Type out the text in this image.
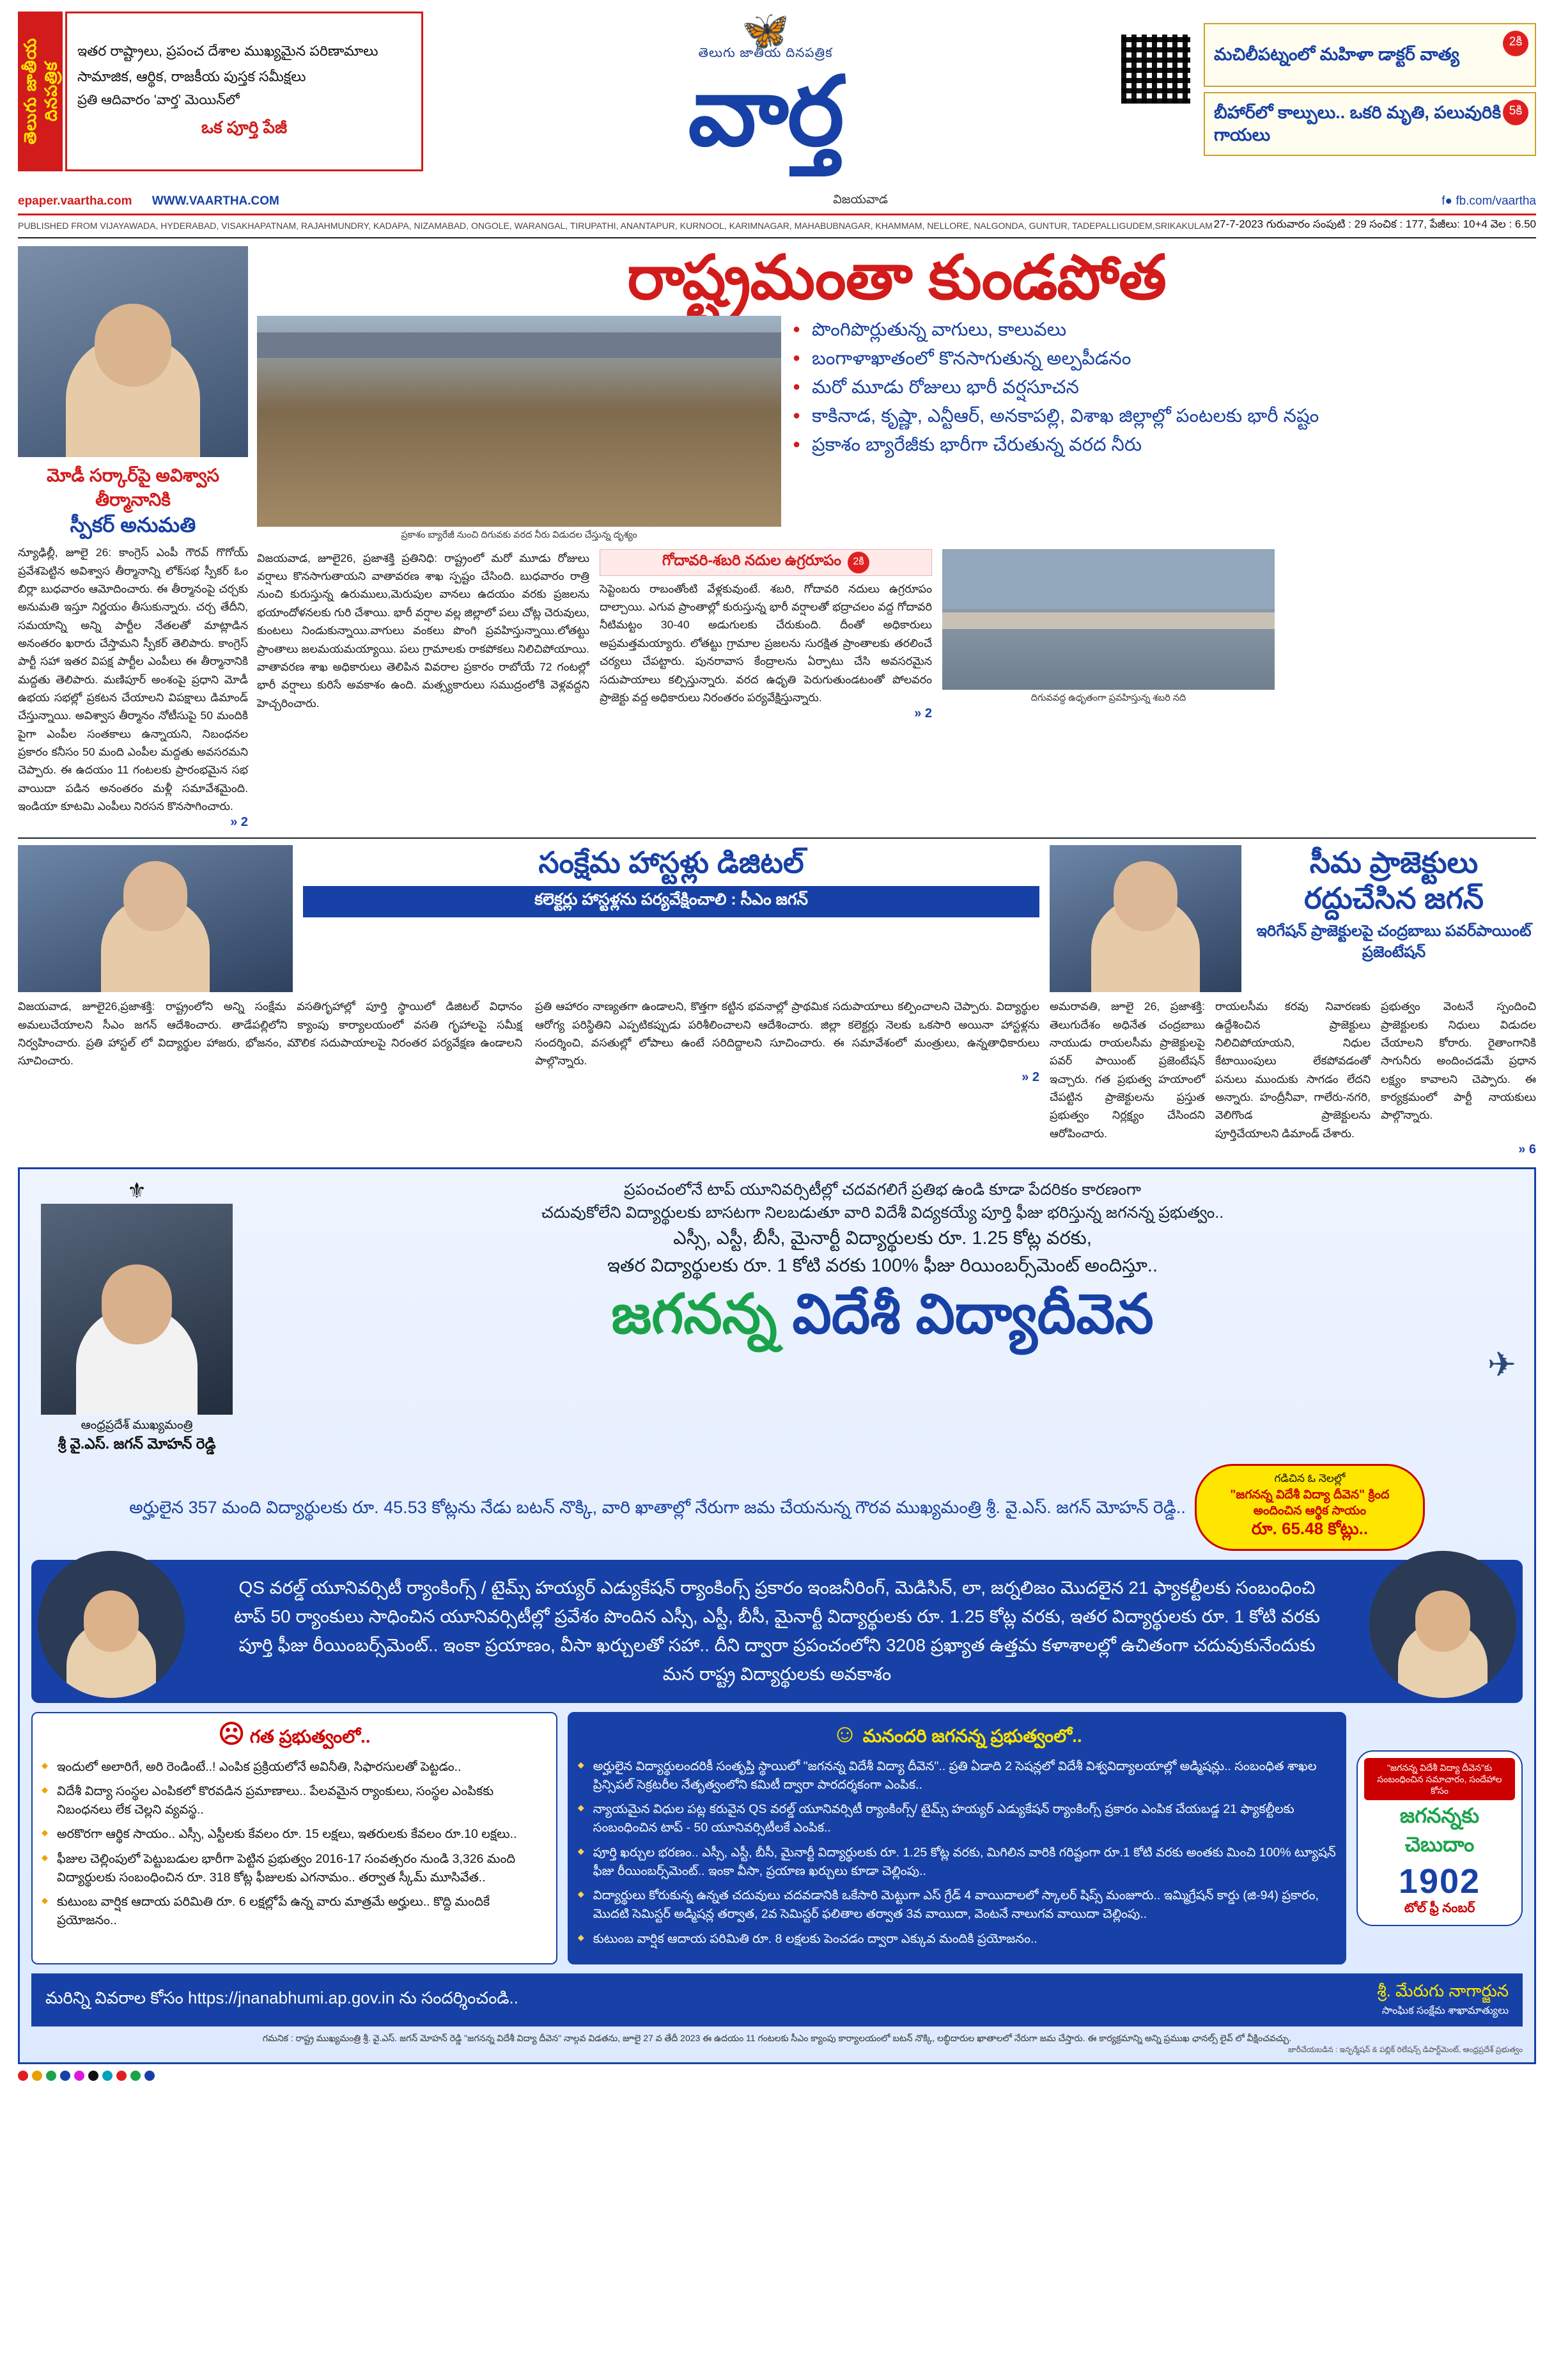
తెలుగు జాతీయ దినపత్రిక
ఇతర రాష్ట్రాలు, ప్రపంచ దేశాల ముఖ్యమైన పరిణామాలు
సామాజిక, ఆర్థిక, రాజకీయ పుస్తక సమీక్షలు
ప్రతి ఆదివారం 'వార్త' మెయిన్‌లో
ఒక పూర్తి పేజీ
🦋
తెలుగు జాతీయ దినపత్రిక
వార్త
2కి
మచిలీపట్నంలో మహిళా డాక్టర్ వాత్య
5కి
బీహార్‌లో కాల్పులు.. ఒకరి మృతి, పలువురికి గాయలు
epaper.vaartha.com WWW.VAARTHA.COM	విజయవాడ	f● fb.com/vaartha
PUBLISHED FROM VIJAYAWADA, HYDERABAD, VISAKHAPATNAM, RAJAHMUNDRY, KADAPA, NIZAMABAD, ONGOLE, WARANGAL, TIRUPATHI, ANANTAPUR, KURNOOL, KARIMNAGAR, MAHABUBNAGAR, KHAMMAM, NELLORE, NALGONDA, GUNTUR, TADEPALLIGUDEM,SRIKAKULAM 27-7-2023 గురువారం సంపుటి : 29 సంచిక : 177, పేజీలు: 10+4 వెల : 6.50
మోడీ సర్కార్‌పై అవిశ్వాస తీర్మానానికి
స్పీకర్ అనుమతి
న్యూఢిల్లీ, జూలై 26: కాంగ్రెస్ ఎంపీ గౌరవ్ గొగోయ్ ప్రవేశపెట్టిన అవిశ్వాస తీర్మానాన్ని లోక్‌సభ స్పీకర్ ఓం బిర్లా బుధవారం ఆమోదించారు. ఈ తీర్మానంపై చర్చకు అనుమతి ఇస్తూ నిర్ణయం తీసుకున్నారు. చర్చ తేదీని, సమయాన్ని అన్ని పార్టీల నేతలతో మాట్లాడిన అనంతరం ఖరారు చేస్తామని స్పీకర్ తెలిపారు. కాంగ్రెస్ పార్టీ సహా ఇతర విపక్ష పార్టీల ఎంపీలు ఈ తీర్మానానికి మద్దతు తెలిపారు. మణిపూర్ అంశంపై ప్రధాని మోడీ ఉభయ సభల్లో ప్రకటన చేయాలని విపక్షాలు డిమాండ్ చేస్తున్నాయి. అవిశ్వాస తీర్మానం నోటీసుపై 50 మందికి పైగా ఎంపీల సంతకాలు ఉన్నాయని, నిబంధనల ప్రకారం కనీసం 50 మంది ఎంపీల మద్దతు అవసరమని చెప్పారు. ఈ ఉదయం 11 గంటలకు ప్రారంభమైన సభ వాయిదా పడిన అనంతరం మళ్లీ సమావేశమైంది. ఇండియా కూటమి ఎంపీలు నిరసన కొనసాగించారు.
» 2
రాష్ట్రమంతా కుండపోత
ప్రకాశం బ్యారేజీ నుంచి దిగువకు వరద నీరు విడుదల చేస్తున్న దృశ్యం
● పొంగిపొర్లుతున్న వాగులు, కాలువలు
● బంగాళాఖాతంలో కొనసాగుతున్న అల్పపీడనం
● మరో మూడు రోజులు భారీ వర్షసూచన
● కాకినాడ, కృష్ణా, ఎన్టీఆర్, అనకాపల్లి, విశాఖ జిల్లాల్లో పంటలకు భారీ నష్టం
● ప్రకాశం బ్యారేజీకు భారీగా చేరుతున్న వరద నీరు
విజయవాడ, జూలై26, ప్రజాశక్తి ప్రతినిధి: రాష్ట్రంలో మరో మూడు రోజులు వర్షాలు కొనసాగుతాయని వాతావరణ శాఖ స్పష్టం చేసింది. బుధవారం రాత్రి నుంచి కురుస్తున్న ఉరుములు,మెరుపుల వానలు ఉదయం వరకు ప్రజలను భయాందోళనలకు గురి చేశాయి. భారీ వర్షాల వల్ల జిల్లాలో పలు చోట్ల చెరువులు, కుంటలు నిండుకున్నాయి.వాగులు వంకలు పొంగి ప్రవహిస్తున్నాయి.లోతట్టు ప్రాంతాలు జలమయమయ్యాయి. పలు గ్రామాలకు రాకపోకలు నిలిచిపోయాయి. వాతావరణ శాఖ అధికారులు తెలిపిన వివరాల ప్రకారం రాబోయే 72 గంటల్లో భారీ వర్షాలు కురిసే అవకాశం ఉంది. మత్స్యకారులు సముద్రంలోకి వెళ్లవద్దని హెచ్చరించారు.
గోదావరి-శబరి నదుల ఉగ్రరూపం	2కి
సెప్టెంబరు రాబంతోంటి వేళ్లకువుంటే. శబరి, గోదావరి నదులు ఉగ్రరూపం దాల్చాయి. ఎగువ ప్రాంతాల్లో కురుస్తున్న భారీ వర్షాలతో భద్రాచలం వద్ద గోదావరి నీటిమట్టం 30-40 అడుగులకు చేరుకుంది. దీంతో అధికారులు అప్రమత్తమయ్యారు. లోతట్టు గ్రామాల ప్రజలను సురక్షిత ప్రాంతాలకు తరలించే చర్యలు చేపట్టారు. పునరావాస కేంద్రాలను ఏర్పాటు చేసి అవసరమైన సదుపాయాలు కల్పిస్తున్నారు. వరద ఉధృతి పెరుగుతుండటంతో పోలవరం ప్రాజెక్టు వద్ద అధికారులు నిరంతరం పర్యవేక్షిస్తున్నారు.
» 2
దిగువవద్ద ఉధృతంగా ప్రవహిస్తున్న శబరి నది
సంక్షేమ హాస్టళ్లు డిజిటల్
కలెక్టర్లు హాస్టళ్లను పర్యవేక్షించాలి : సీఎం జగన్
విజయవాడ, జూలై26,ప్రజాశక్తి: రాష్ట్రంలోని అన్ని సంక్షేమ వసతిగృహాల్లో పూర్తి స్థాయిలో డిజిటల్ విధానం అమలుచేయాలని సీఎం జగన్ ఆదేశించారు. తాడేపల్లిలోని క్యాంపు కార్యాలయంలో వసతి గృహాలపై సమీక్ష నిర్వహించారు. ప్రతి హాస్టల్ లో విద్యార్థుల హాజరు, భోజనం, మౌలిక సదుపాయాలపై నిరంతర పర్యవేక్షణ ఉండాలని సూచించారు.
ప్రతి ఆహారం నాణ్యతగా ఉండాలని, కొత్తగా కట్టిన భవనాల్లో ప్రాథమిక సదుపాయాలు కల్పించాలని చెప్పారు. విద్యార్థుల ఆరోగ్య పరిస్థితిని ఎప్పటికప్పుడు పరిశీలించాలని ఆదేశించారు. జిల్లా కలెక్టర్లు నెలకు ఒకసారి అయినా హాస్టళ్లను సందర్శించి, వసతుల్లో లోపాలు ఉంటే సరిదిద్దాలని సూచించారు. ఈ సమావేశంలో మంత్రులు, ఉన్నతాధికారులు పాల్గొన్నారు.
» 2
సీమ ప్రాజెక్టులు రద్దుచేసిన జగన్
ఇరిగేషన్ ప్రాజెక్టులపై చంద్రబాబు పవర్‌పాయింట్ ప్రజెంటేషన్
అమరావతి, జూలై 26, ప్రజాశక్తి: తెలుగుదేశం అధినేత చంద్రబాబు నాయుడు రాయలసీమ ప్రాజెక్టులపై పవర్ పాయింట్ ప్రజెంటేషన్ ఇచ్చారు. గత ప్రభుత్వ హయాంలో చేపట్టిన ప్రాజెక్టులను ప్రస్తుత ప్రభుత్వం నిర్లక్ష్యం చేసిందని ఆరోపించారు.
రాయలసీమ కరవు నివారణకు ఉద్దేశించిన ప్రాజెక్టులు నిలిచిపోయాయని, నిధుల కేటాయింపులు లేకపోవడంతో పనులు ముందుకు సాగడం లేదని అన్నారు. హంద్రీనీవా, గాలేరు-నగరి, వెలిగొండ ప్రాజెక్టులను పూర్తిచేయాలని డిమాండ్ చేశారు.
ప్రభుత్వం వెంటనే స్పందించి ప్రాజెక్టులకు నిధులు విడుదల చేయాలని కోరారు. రైతాంగానికి సాగునీరు అందించడమే ప్రధాన లక్ష్యం కావాలని చెప్పారు. ఈ కార్యక్రమంలో పార్టీ నాయకులు పాల్గొన్నారు.
» 6
⚜
ఆంధ్రప్రదేశ్ ముఖ్యమంత్రి
శ్రీ వై.ఎస్. జగన్ మోహన్ రెడ్డి
ప్రపంచంలోనే టాప్ యూనివర్సిటీల్లో చదవగలిగే ప్రతిభ ఉండి కూడా పేదరికం కారణంగా
చదువుకోలేని విద్యార్థులకు బాసటగా నిలబడుతూ వారి విదేశీ విద్యకయ్యే పూర్తి ఫీజు భరిస్తున్న జగనన్న ప్రభుత్వం..
ఎస్సీ, ఎస్టీ, బీసీ, మైనార్టీ విద్యార్థులకు రూ. 1.25 కోట్ల వరకు,
ఇతర విద్యార్థులకు రూ. 1 కోటి వరకు 100% ఫీజు రియింబర్స్‌మెంట్ అందిస్తూ..
జగనన్న విదేశీ విద్యాదీవెన
✈
అర్హులైన 357 మంది విద్యార్థులకు రూ. 45.53 కోట్లను నేడు బటన్ నొక్కి, వారి ఖాతాల్లో నేరుగా జమ చేయనున్న గౌరవ ముఖ్యమంత్రి శ్రీ. వై.ఎస్. జగన్ మోహన్ రెడ్డి..
గడిచిన ఓ నెలల్లో
"జగనన్న విదేశీ విద్యా దీవెన" క్రింద అందించిన ఆర్థిక సాయం
రూ. 65.48 కోట్లు..
QS వరల్డ్ యూనివర్సిటీ ర్యాంకింగ్స్ / టైమ్స్ హయ్యర్ ఎడ్యుకేషన్ ర్యాంకింగ్స్ ప్రకారం ఇంజనీరింగ్, మెడిసిన్, లా, జర్నలిజం మొదలైన 21 ఫ్యాకల్టీలకు సంబంధించి టాప్ 50 ర్యాంకులు సాధించిన యూనివర్సిటీల్లో ప్రవేశం పొందిన ఎస్సీ, ఎస్టీ, బీసీ, మైనార్టీ విద్యార్థులకు రూ. 1.25 కోట్ల వరకు, ఇతర విద్యార్థులకు రూ. 1 కోటి వరకు పూర్తి ఫీజు రీయింబర్స్‌మెంట్.. ఇంకా ప్రయాణం, వీసా ఖర్చులతో సహా.. దీని ద్వారా ప్రపంచంలోని 3208 ప్రఖ్యాత ఉత్తమ కళాశాలల్లో ఉచితంగా చదువుకునేందుకు మన రాష్ట్ర విద్యార్థులకు అవకాశం
☹ గత ప్రభుత్వంలో..
◆ ఇందులో అలారిగే, అరి రెండింటే..! ఎంపిక ప్రక్రియలోనే అవినీతి, సిఫారసులతో పెట్టడం..
◆ విదేశీ విద్యా సంస్థల ఎంపికలో కొరవడిన ప్రమాణాలు.. పేలవమైన ర్యాంకులు, సంస్థల ఎంపికకు నిబంధనలు లేక చెల్లని వ్యవస్థ..
◆ అరకొరగా ఆర్థిక సాయం.. ఎస్సీ, ఎస్టీలకు కేవలం రూ. 15 లక్షలు, ఇతరులకు కేవలం రూ.10 లక్షలు..
◆ ఫీజుల చెల్లింపులో పెట్టుబడుల భారీగా పెట్టిన ప్రభుత్వం 2016-17 సంవత్సరం నుండి 3,326 మంది విద్యార్థులకు సంబంధించిన రూ. 318 కోట్ల ఫీజులకు ఎగనామం.. తర్వాత స్కీమ్ మూసివేత..
◆ కుటుంబ వార్షిక ఆదాయ పరిమితి రూ. 6 లక్షల్లోపే ఉన్న వారు మాత్రమే అర్హులు.. కొద్ది మందికే ప్రయోజనం..
☺ మనందరి జగనన్న ప్రభుత్వంలో..
◆ అర్హులైన విద్యార్థులందరికీ సంతృప్తి స్థాయిలో "జగనన్న విదేశీ విద్యా దీవెన".. ప్రతి ఏడాది 2 సెషన్లలో విదేశీ విశ్వవిద్యాలయాల్లో అడ్మిషన్లు.. సంబంధిత శాఖల ప్రిన్సిపల్ సెక్రటరీల నేతృత్వంలోని కమిటీ ద్వారా పారదర్శకంగా ఎంపిక..
◆ న్యాయమైన విధుల పట్ల కరువైన QS వరల్డ్ యూనివర్సిటీ ర్యాంకింగ్స్/ టైమ్స్ హయ్యర్ ఎడ్యుకేషన్ ర్యాంకింగ్స్ ప్రకారం ఎంపిక చేయబడ్డ 21 ఫ్యాకల్టీలకు సంబంధించిన టాప్ - 50 యూనివర్సిటీలకే ఎంపిక..
◆ పూర్తి ఖర్చుల భరణం.. ఎస్సీ, ఎస్టీ, బీసీ, మైనార్టీ విద్యార్థులకు రూ. 1.25 కోట్ల వరకు, మిగిలిన వారికి గరిష్టంగా రూ.1 కోటి వరకు అంతకు మించి 100% ట్యూషన్ ఫీజు రీయింబర్స్‌మెంట్.. ఇంకా వీసా, ప్రయాణ ఖర్చులు కూడా చెల్లింపు..
◆ విద్యార్థులు కోరుకున్న ఉన్నత చదువులు చదవడానికి ఒకేసారి మెట్టుగా ఎస్ గ్రేడ్ 4 వాయిదాలలో స్కాలర్ షిప్స్ మంజూరు.. ఇమ్మిగ్రేషన్ కార్డు (జి-94) ప్రకారం, మొదటి సెమిస్టర్ అడ్మిషన్ల తర్వాత, 2వ సెమిస్టర్ ఫలితాల తర్వాత 3వ వాయిదా, వెంటనే నాలుగవ వాయిదా చెల్లింపు..
◆ కుటుంబ వార్షిక ఆదాయ పరిమితి రూ. 8 లక్షలకు పెంచడం ద్వారా ఎక్కువ మందికి ప్రయోజనం..
"జగనన్న విదేశీ విద్యా దీవెన"కు సంబంధించిన సమాచారం, సందేహాల కోసం
జగనన్నకు చెబుదాం
1902
టోల్ ఫ్రీ నంబర్
మరిన్ని వివరాల కోసం https://jnanabhumi.ap.gov.in ను సందర్శించండి..	శ్రీ. మేరుగు నాగార్జున
సాంఘిక సంక్షేమ శాఖామాత్యులు
గమనిక : రాష్ట్ర ముఖ్యమంత్రి శ్రీ. వై.ఎస్. జగన్ మోహన్ రెడ్డి "జగనన్న విదేశీ విద్యా దీవెన" నాల్గవ విడతను, జూలై 27 వ తేదీ 2023 ఈ ఉదయం 11 గంటలకు సీఎం క్యాంపు కార్యాలయంలో బటన్ నొక్కి, లబ్ధిదారుల ఖాతాలలో నేరుగా జమ చేస్తారు. ఈ కార్యక్రమాన్ని అన్ని ప్రముఖ ఛానల్స్ లైవ్ లో వీక్షించవచ్చు.
జారీచేయబడిన : ఇన్ఫర్మేషన్ & పబ్లిక్ రిలేషన్స్ డిపార్ట్‌మెంట్, ఆంధ్రప్రదేశ్ ప్రభుత్వం
